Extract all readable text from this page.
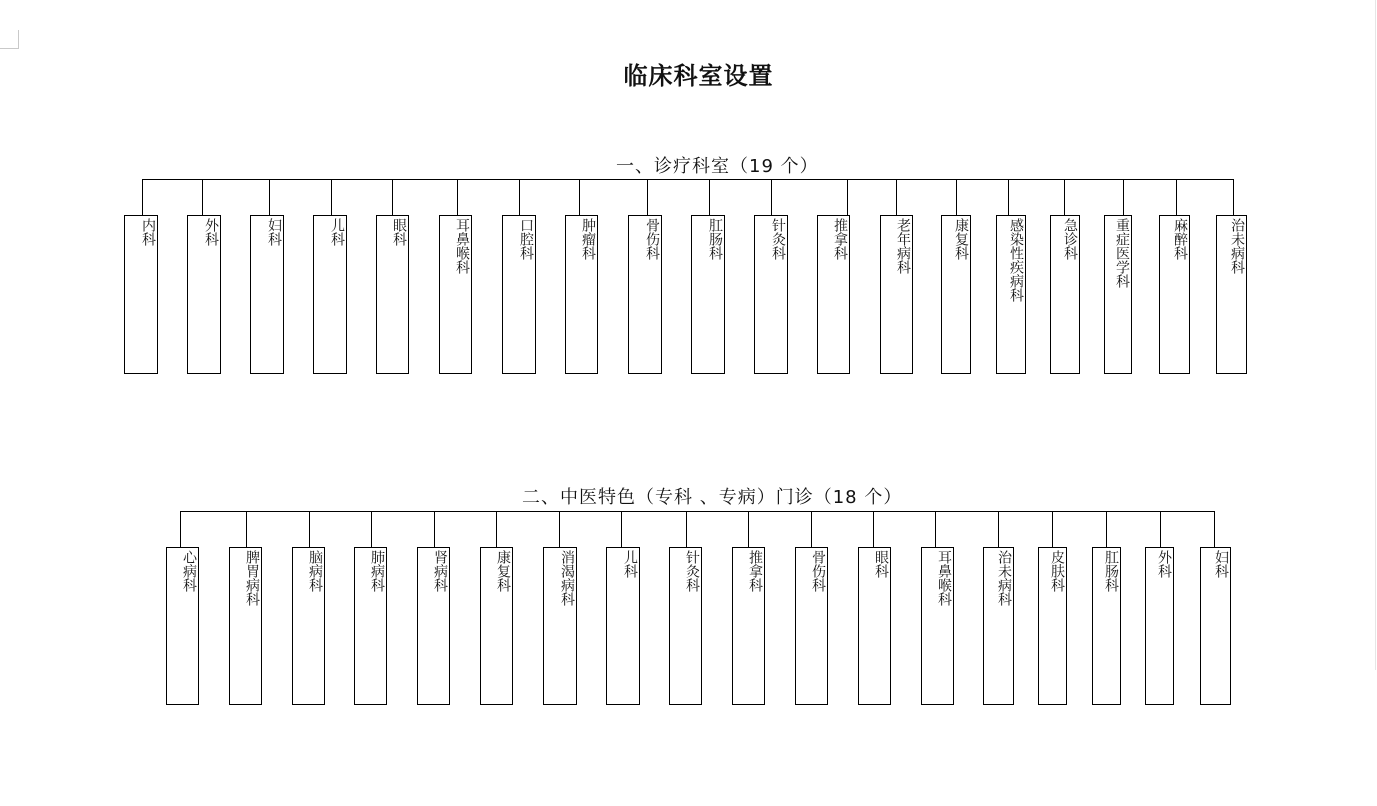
临床科室设置
一、诊疗科室（19 个）
内科	外科	妇科	儿科	眼科	耳鼻喉科	口腔科	肿瘤科	骨伤科	肛肠科	针灸科	推拿科	老年病科	康复科	感染性疾病科	急诊科	重症医学科	麻醉科	治未病科
二、中医特色（专科 、专病）门诊（18 个）
心病科	脾胃病科	脑病科	肺病科	肾病科	康复科	消渴病科	儿科	针灸科	推拿科	骨伤科	眼科	耳鼻喉科	治未病科	皮肤科	肛肠科	外科	妇科
